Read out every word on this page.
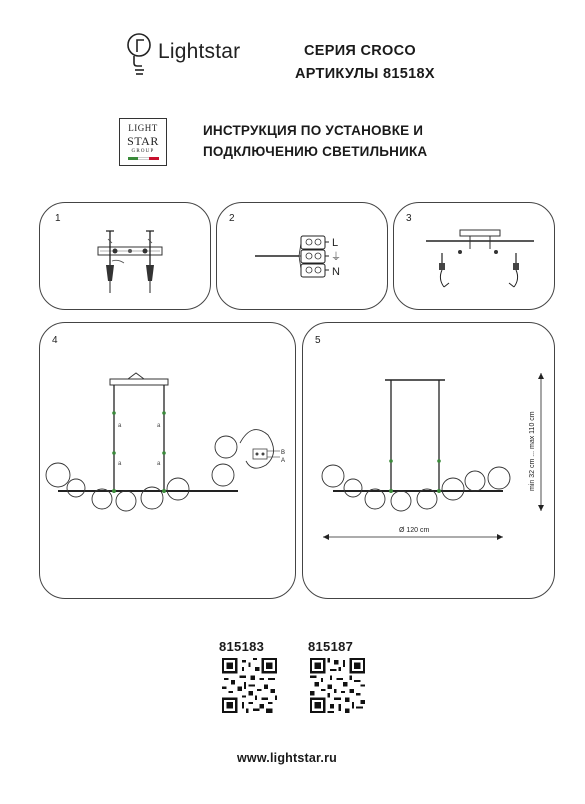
Lightstar	СЕРИЯ CROCO
АРТИКУЛЫ 81518X
LIGHT
STAR
GROUP
ИНСТРУКЦИЯ ПО УСТАНОВКЕ И
ПОДКЛЮЧЕНИЮ СВЕТИЛЬНИКА
1	2
L
⏚
N
3
4
a	a
a	a
B
A
5
Ø 120 cm
min 32 cm ... max 110 cm
815183	815187
www.lightstar.ru
